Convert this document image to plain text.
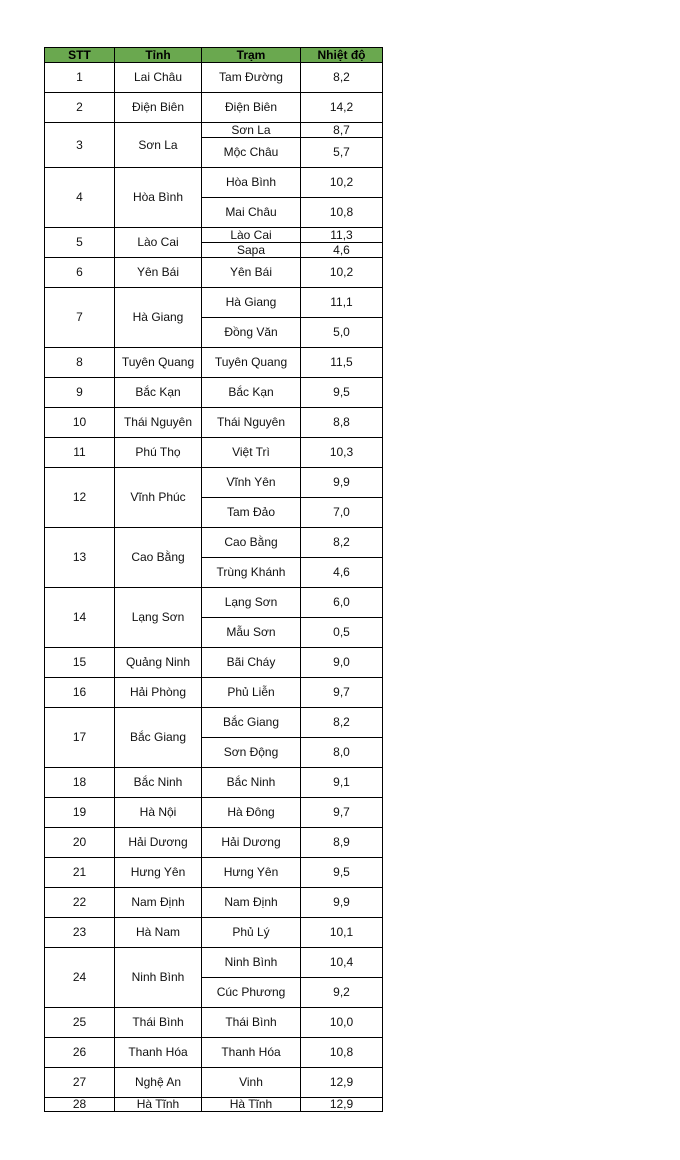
STT	Tỉnh	Trạm	Nhiệt độ
1	Lai Châu	Tam Đường	8,2
2	Điện Biên	Điện Biên	14,2
3	Sơn La	Sơn La	8,7
		Mộc Châu	5,7
4	Hòa Bình	Hòa Bình	10,2
		Mai Châu	10,8
5	Lào Cai	Lào Cai	11,3
		Sapa	4,6
6	Yên Bái	Yên Bái	10,2
7	Hà Giang	Hà Giang	11,1
		Đồng Văn	5,0
8	Tuyên Quang	Tuyên Quang	11,5
9	Bắc Kạn	Bắc Kạn	9,5
10	Thái Nguyên	Thái Nguyên	8,8
11	Phú Thọ	Việt Trì	10,3
12	Vĩnh Phúc	Vĩnh Yên	9,9
		Tam Đảo	7,0
13	Cao Bằng	Cao Bằng	8,2
		Trùng Khánh	4,6
14	Lạng Sơn	Lạng Sơn	6,0
		Mẫu Sơn	0,5
15	Quảng Ninh	Bãi Cháy	9,0
16	Hải Phòng	Phủ Liễn	9,7
17	Bắc Giang	Bắc Giang	8,2
		Sơn Động	8,0
18	Bắc Ninh	Bắc Ninh	9,1
19	Hà Nội	Hà Đông	9,7
20	Hải Dương	Hải Dương	8,9
21	Hưng Yên	Hưng Yên	9,5
22	Nam Định	Nam Định	9,9
23	Hà Nam	Phủ Lý	10,1
24	Ninh Bình	Ninh Bình	10,4
		Cúc Phương	9,2
25	Thái Bình	Thái Bình	10,0
26	Thanh Hóa	Thanh Hóa	10,8
27	Nghệ An	Vinh	12,9
28	Hà Tĩnh	Hà Tĩnh	12,9
